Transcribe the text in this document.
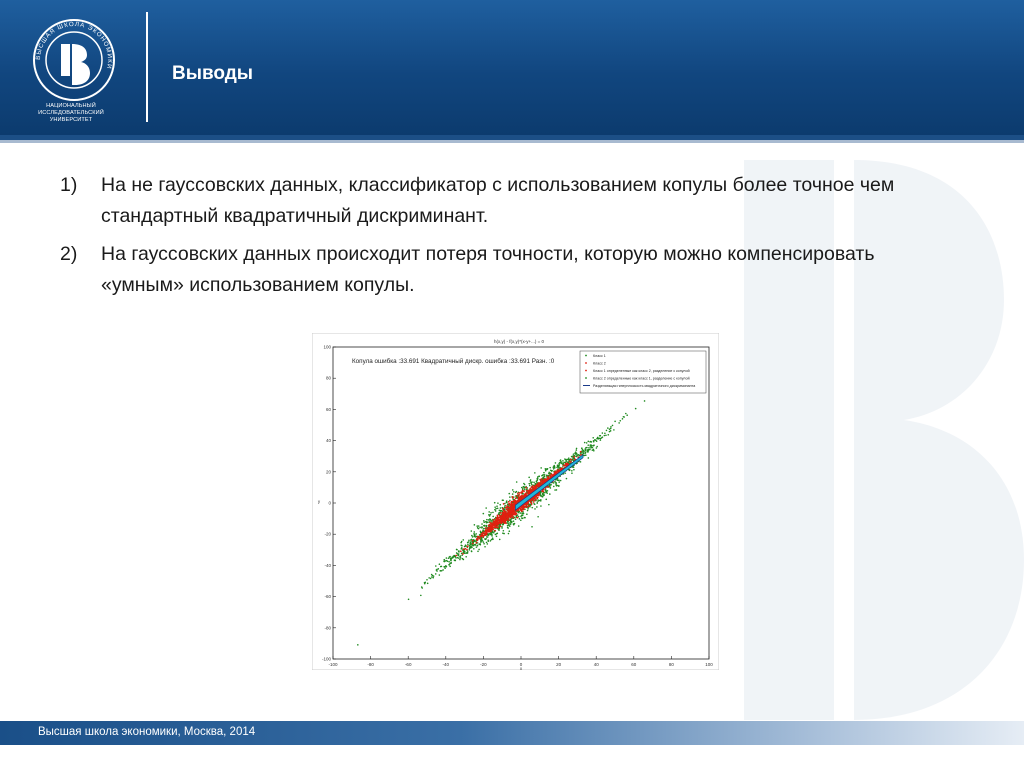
ВЫСШАЯ ШКОЛА ЭКОНОМИКИ
НАЦИОНАЛЬНЫЙ ИССЛЕДОВАТЕЛЬСКИЙ
УНИВЕРСИТЕТ
Выводы
1) На не гауссовских данных, классификатор с использованием копулы более точное чем стандартный квадратичный дискриминант.
2) На гауссовских данных происходит потеря точности, которую можно компенсировать «умным» использованием копулы.
h(x,y) - f(x,y)*(x-y+...) = 0
-100	-80	-60	-40	-20	0	20	40	60	80	100
-100
-80
-60
-40
-20
0
20
40
60
80
100
x
y
Копула ошибка :33.691 Квадратичный дискр. ошибка :33.691 Разн. :0
Класс 1
Класс 2
Класс 1 определенные как класс 2, разделение с копулой
Класс 2 определенные как класс 1, разделение с копулой
Разделяющая гиперплоскость квадратичного дискриминанта
Высшая школа экономики, Москва, 2014
